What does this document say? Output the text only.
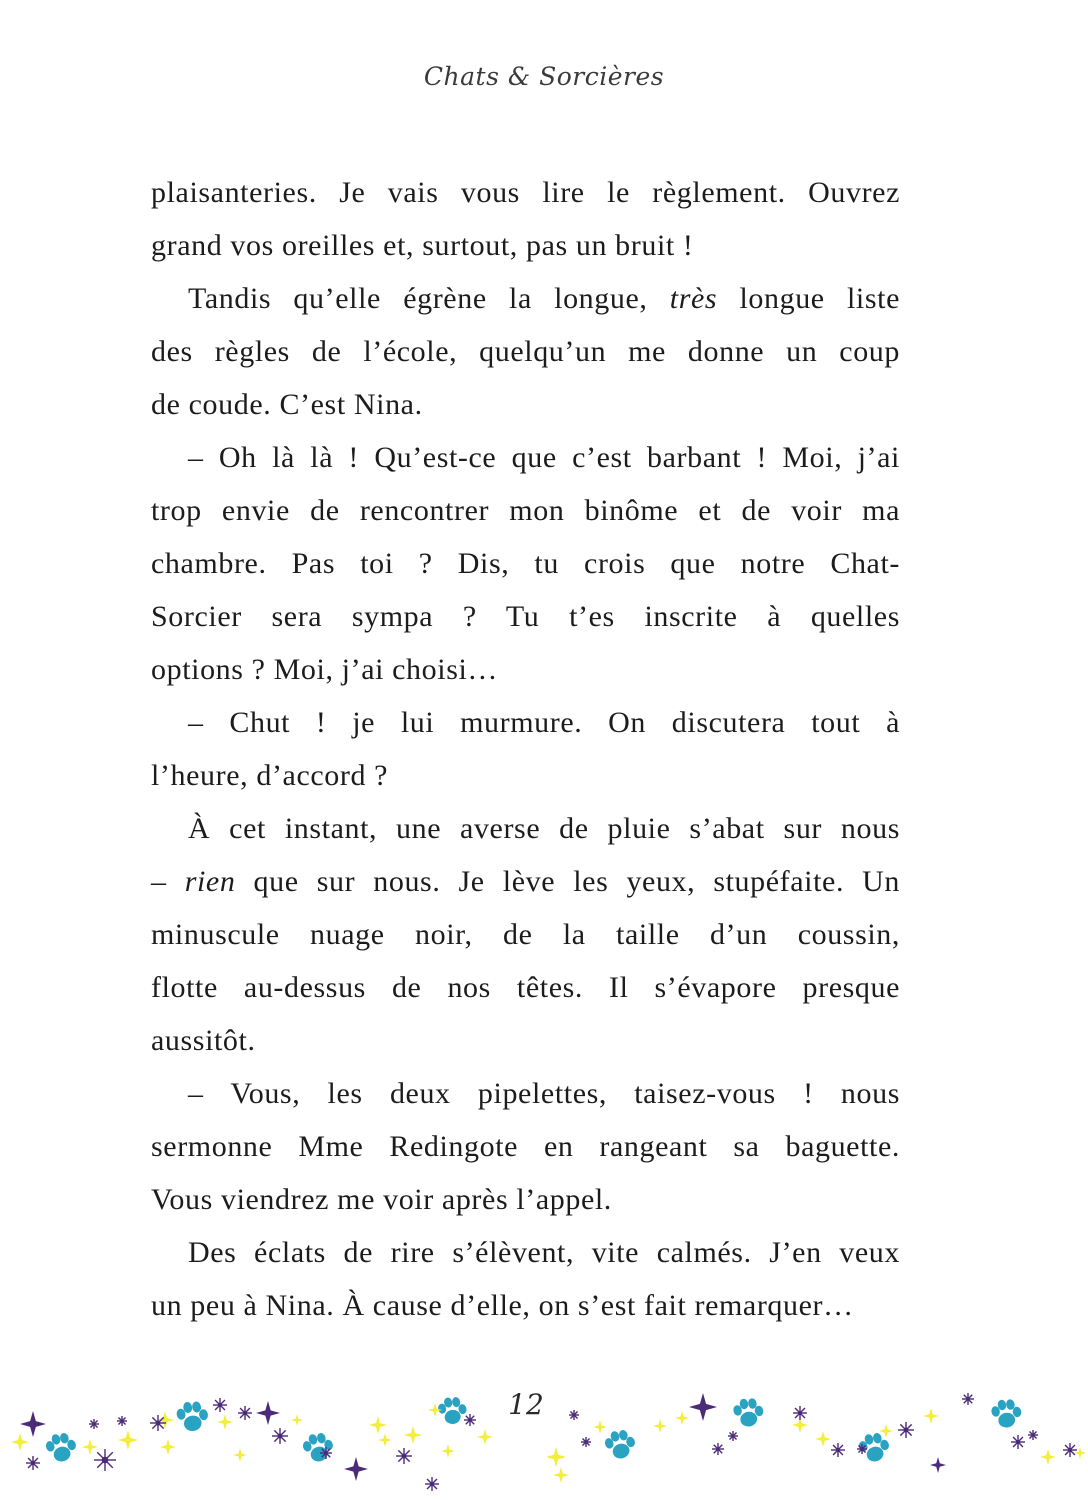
Chats & Sorcières
plaisanteries. Je vais vous lire le règlement. Ouvrez
grand vos oreilles et, surtout, pas un bruit !
Tandis qu’elle égrène la longue, très longue liste
des règles de l’école, quelqu’un me donne un coup
de coude. C’est Nina.
– Oh là là ! Qu’est-ce que c’est barbant ! Moi, j’ai
trop envie de rencontrer mon binôme et de voir ma
chambre. Pas toi ? Dis, tu crois que notre Chat-
Sorcier sera sympa ? Tu t’es inscrite à quelles
options ? Moi, j’ai choisi…
– Chut ! je lui murmure. On discutera tout à
l’heure, d’accord ?
À cet instant, une averse de pluie s’abat sur nous
– rien que sur nous. Je lève les yeux, stupéfaite. Un
minuscule nuage noir, de la taille d’un coussin,
flotte au-dessus de nos têtes. Il s’évapore presque
aussitôt.
– Vous, les deux pipelettes, taisez-vous ! nous
sermonne Mme Redingote en rangeant sa baguette.
Vous viendrez me voir après l’appel.
Des éclats de rire s’élèvent, vite calmés. J’en veux
un peu à Nina. À cause d’elle, on s’est fait remarquer…
12
